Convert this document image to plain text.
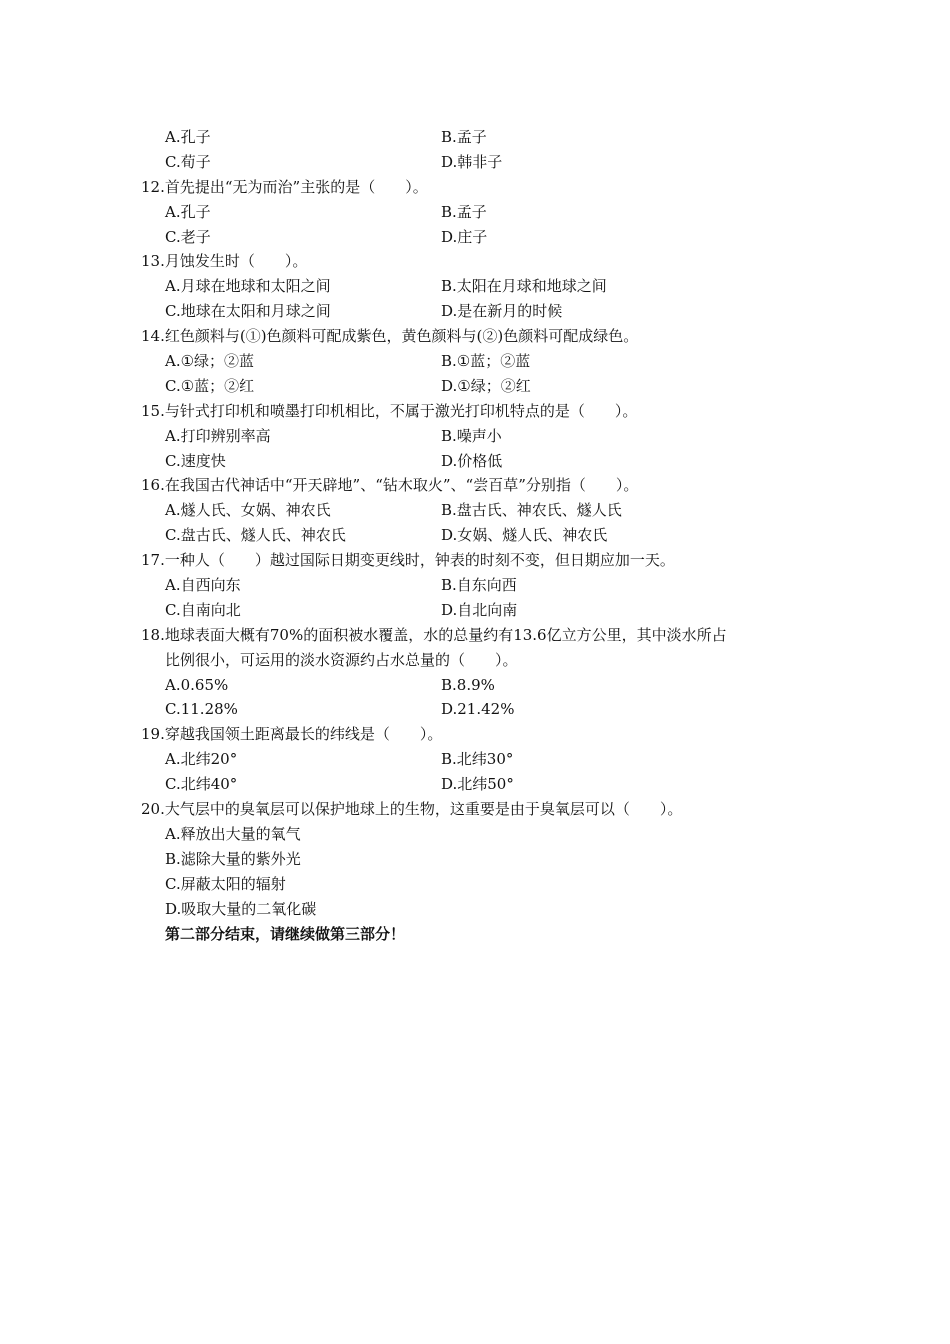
A.孔子	B.孟子
C.荀子	D.韩非子
12.首先提出“无为而治”主张的是（　　）。
A.孔子	B.孟子
C.老子	D.庄子
13.月蚀发生时（　　）。
A.月球在地球和太阳之间	B.太阳在月球和地球之间
C.地球在太阳和月球之间	D.是在新月的时候
14.红色颜料与(①)色颜料可配成紫色，黄色颜料与(②)色颜料可配成绿色。
A.①绿；②蓝	B.①蓝；②蓝
C.①蓝；②红	D.①绿；②红
15.与针式打印机和喷墨打印机相比，不属于激光打印机特点的是（　　）。
A.打印辨别率高	B.噪声小
C.速度快	D.价格低
16.在我国古代神话中“开天辟地”、“钻木取火”、“尝百草”分别指（　　）。
A.燧人氏、女娲、神农氏	B.盘古氏、神农氏、燧人氏
C.盘古氏、燧人氏、神农氏	D.女娲、燧人氏、神农氏
17.一种人（　　）越过国际日期变更线时，钟表的时刻不变，但日期应加一天。
A.自西向东	B.自东向西
C.自南向北	D.自北向南
18.地球表面大概有70%的面积被水覆盖，水的总量约有13.6亿立方公里，其中淡水所占
比例很小，可运用的淡水资源约占水总量的（　　）。
A.0.65%	B.8.9%
C.11.28%	D.21.42%
19.穿越我国领土距离最长的纬线是（　　）。
A.北纬20°	B.北纬30°
C.北纬40°	D.北纬50°
20.大气层中的臭氧层可以保护地球上的生物，这重要是由于臭氧层可以（　　）。
A.释放出大量的氧气
B.滤除大量的紫外光
C.屏蔽太阳的辐射
D.吸取大量的二氧化碳
第二部分结束，请继续做第三部分！
